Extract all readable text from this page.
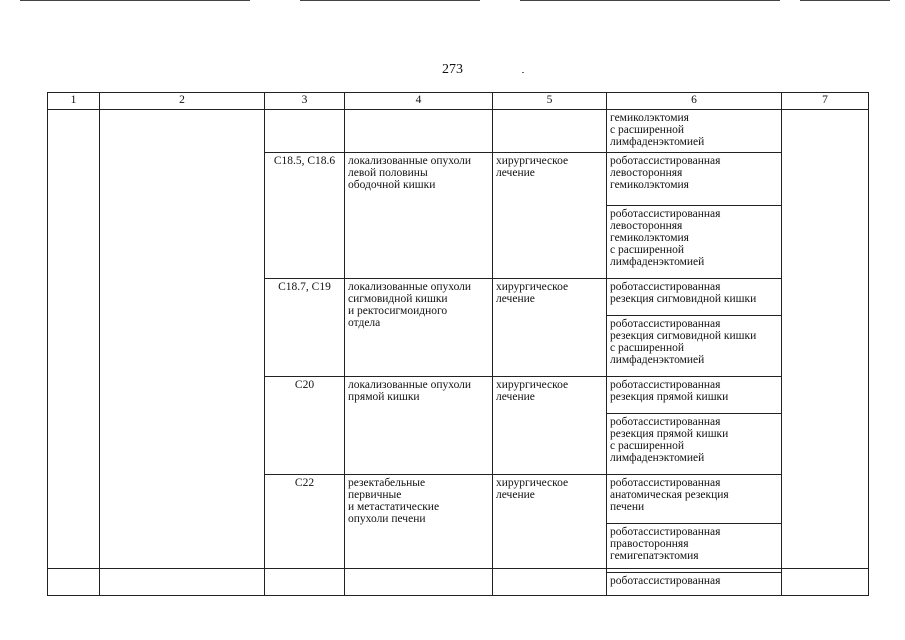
273
1	2	3	4	5	6	7
					гемиколэктомия
с расширенной
лимфаденэктомией	
		C18.5, C18.6	локализованные опухоли
левой половины
ободочной кишки	хирургическое
лечение	роботассистированная
левосторонняя
гемиколэктомия	
					роботассистированная
левосторонняя
гемиколэктомия
с расширенной
лимфаденэктомией	
		C18.7, C19	локализованные опухоли
сигмовидной кишки
и ректосигмоидного
отдела	хирургическое
лечение	роботассистированная
резекция сигмовидной кишки	
					роботассистированная
резекция сигмовидной кишки
с расширенной
лимфаденэктомией	
		C20	локализованные опухоли
прямой кишки	хирургическое
лечение	роботассистированная
резекция прямой кишки	
					роботассистированная
резекция прямой кишки
с расширенной
лимфаденэктомией	
		C22	резектабельные
первичные
и метастатические
опухоли печени	хирургическое
лечение	роботассистированная
анатомическая резекция
печени	
					роботассистированная
правосторонняя
гемигепатэктомия	
					роботассистированная	
